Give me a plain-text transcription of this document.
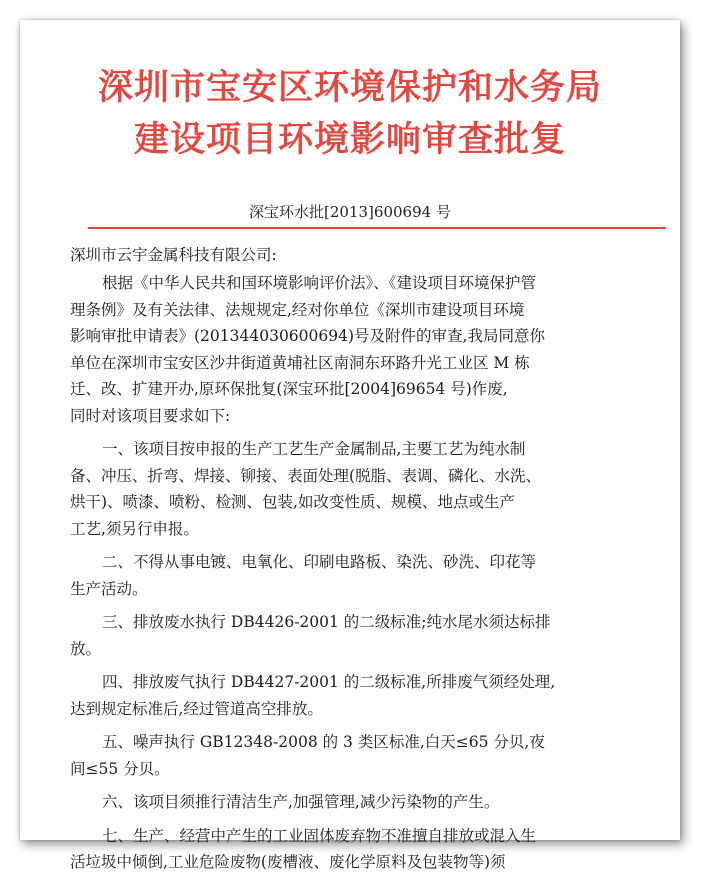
深圳市宝安区环境保护和水务局
建设项目环境影响审查批复
深宝环水批[2013]600694 号

深圳市云宇金属科技有限公司:

根据《中华人民共和国环境影响评价法》、《建设项目环境保护管

理条例》及有关法律、法规规定,经对你单位《深圳市建设项目环境

影响审批申请表》(201344030600694)号及附件的审查,我局同意你

单位在深圳市宝安区沙井街道黄埔社区南洞东环路升光工业区 M 栋

迁、改、扩建开办,原环保批复(深宝环批[2004]69654 号)作废,

同时对该项目要求如下:

一、该项目按申报的生产工艺生产金属制品,主要工艺为纯水制

备、冲压、折弯、焊接、铆接、表面处理(脱脂、表调、磷化、水洗、

烘干)、喷漆、喷粉、检测、包装,如改变性质、规模、地点或生产

工艺,须另行申报。

二、不得从事电镀、电氧化、印刷电路板、染洗、砂洗、印花等

生产活动。

三、排放废水执行 DB4426-2001 的二级标准;纯水尾水须达标排

放。

四、排放废气执行 DB4427-2001 的二级标准,所排废气须经处理,

达到规定标准后,经过管道高空排放。

五、噪声执行 GB12348-2008 的 3 类区标准,白天≤65 分贝,夜

间≤55 分贝。

六、该项目须推行清洁生产,加强管理,减少污染物的产生。

七、生产、经营中产生的工业固体废弃物不准擅自排放或混入生

活垃圾中倾倒,工业危险废物(废槽液、废化学原料及包装物等)须
